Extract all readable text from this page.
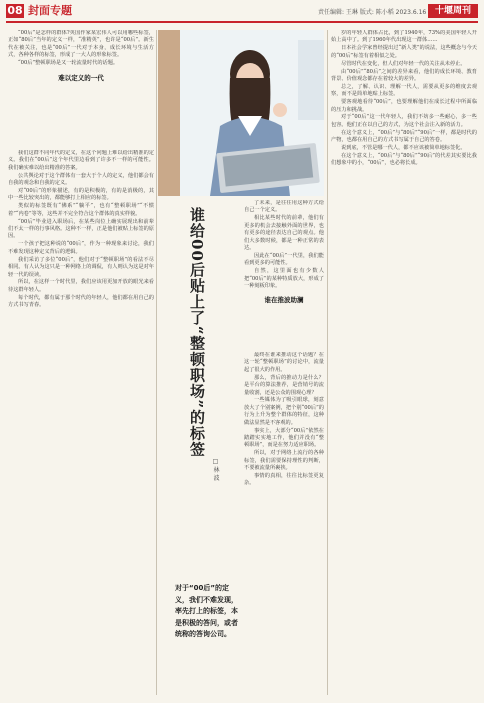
08 封面专题	责任编辑: 王琳 版式: 陈小稻 2023.6.16 十堰周刊

“00后”是怎样的群体?英国作家某宏伟人可以用哪些标签，正如“80后”当年的定义一样，“准精英”，也许是“00后”。新生代在被关注，也是“00后”一代对于本身，成长环境与生活方式，各种各样的标签，形成了一大人的形象标签。

“00后”整顿职场是又一轮流量时代的话题。

难以定义的一代

我们这群不同年代的定义，在这个问题上难以给出精准的定义。我们在“00后”这个年代里边看到了许多不一样的可能性。我们确实难以给出精准的答案。

公共舆论对于这个群体有一套大于个人的定义，他们都会有自我的观念和自我的定义。

对“00后”的形象描述，有的是积极的，有的是消极的，其中一些比较突出的，都能够打上相应的标签。

类似的标签既有“佛系”“躺平”，也有“整顿职场”“不惯着”“内卷”等等，这些并不完全符合这个群体的真实样貌。

“00后”毕业进入职场后，在某些岗位上确实展现出和前辈们不太一样的行事风格。这种不一样，正是他们被贴上标签的原因。

一个孩子把这种说的“00后”，作为一种现象来讨论，我们不难发现这种定义背后的逻辑。

我们采访了多位“00后”，他们对于“整顿职场”的看法不尽相同。有人认为这只是一种网络上的调侃，有人则认为这是对年轻一代的误读。

所以，在这样一个时代里，我们应该用更加开放的眼光来看待这群年轻人。

每个时代，都有属于那个时代的年轻人，他们都在用自己的方式书写青春。	谁给00后贴上了“整顿职场”的标签
□ 林 波
对于“00后”的定义，我们不难发现，率先打上的标签，本是积极的答问，或者统称的答询公司。

了未来，是往往用这种方式给自己一个定义。

相比某些时代的前辈，他们有更多的机会去接触外面的世界，也有更多的途径表达自己的观点。他们大多数时候，都是一种正常的表达。

因此在“00后”一代里，我们能看到更多的可能性。

自然，这里面也有少数人把“00后”的某种特质放大，形成了一种刻板印象。

谁在推波助澜

最终在谁来推动这个话题？在这一轮“整顿职场”的讨论中，流量起了很大的作用。

那么，背后的推动力是什么？是平台的算法推荐，是营销号的流量收割，还是公众的围观心理？

一些媒体为了吸引眼球，刻意放大了个别案例，把个别“00后”的行为上升为整个群体的特征，这种做法显然是不客观的。

事实上，大部分“00后”依然在踏踏实实地工作，他们并没有“整顿职场”，而是在努力适应职场。

所以，对于网络上流行的各种标签，我们需要保持理性的判断，不要被流量所裹挟。

事情的真相，往往比标签更复杂。

岁的年轻人群体占比，到了1940年，73%的美国年轻人开始上高中了。到了1960年代出现这一群体……

日本社会学家曾经提出过“新人类”的说法，这些概念与今天的“00后”标签有着相似之处。

尽管时代在变化，但人们对年轻一代的关注从未停止。

由“00后”“80后”之间的差异来看，他们的成长环境、教育背景、价值观念都存在着较大的差异。

总之，了解、认识、理解一代人，需要从更多的维度去观察，而不是简单地贴上标签。

要客观地看待“00后”，也要理解他们在成长过程中所面临的压力和挑战。

对于“00后”这一代年轻人，我们不妨多一些耐心，多一些包容。他们正在以自己的方式，为这个社会注入新的活力。

在这个意义上，“00后”与“80后”“90后”一样，都是时代的产物，也都在用自己的方式书写属于自己的答卷。

说到底，不管是哪一代人，都不应该被简单地标签化。

在这个意义上，“00后”与“80后”“90后”的代差其实要比我们想象中的小，“00后”，也必将长成。
